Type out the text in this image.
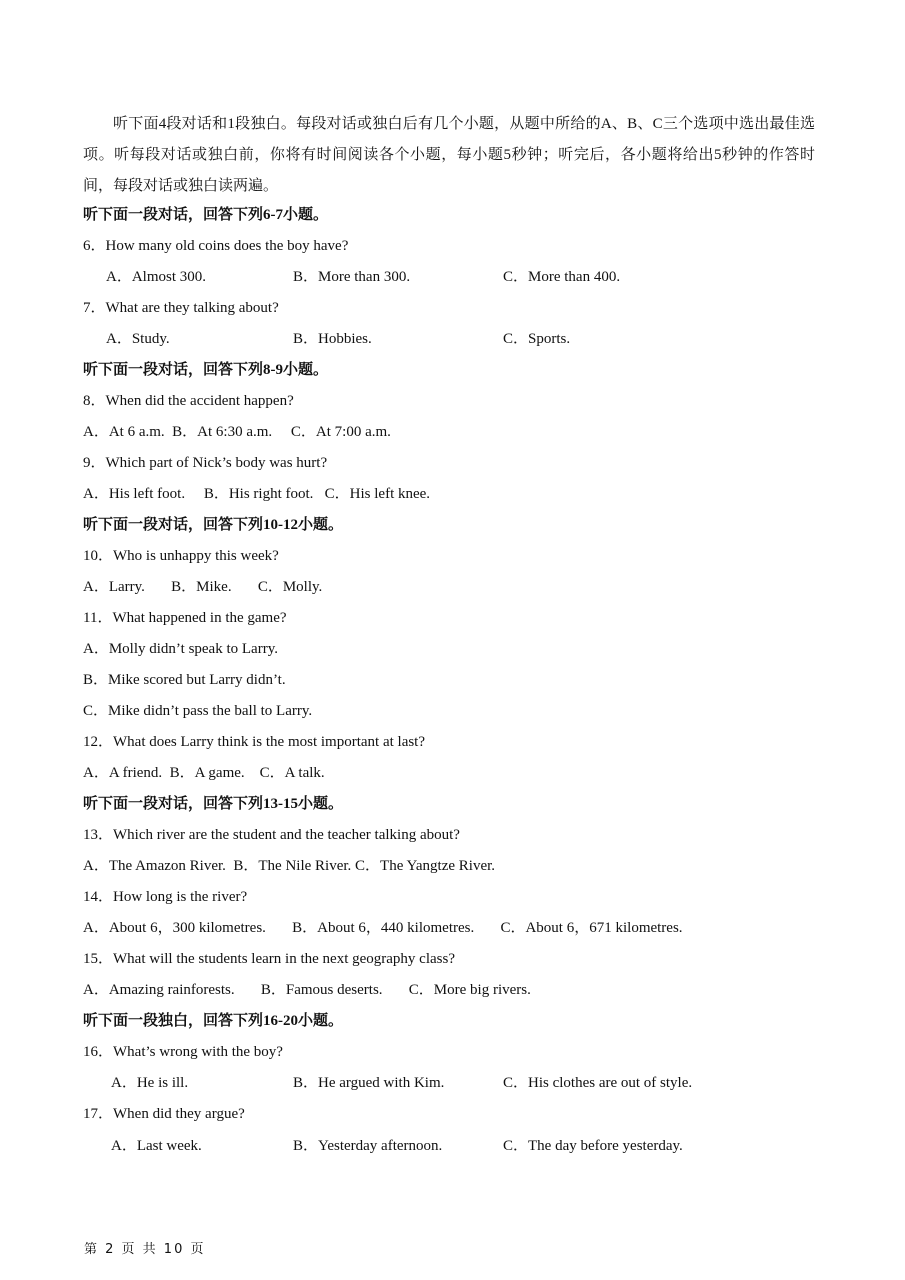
听下面4段对话和1段独白。每段对话或独白后有几个小题，从题中所给的A、B、C三个选项中选出最佳选项。听每段对话或独白前，你将有时间阅读各个小题，每小题5秒钟；听完后，各小题将给出5秒钟的作答时间，每段对话或独白读两遍。
听下面一段对话，回答下列6-7小题。
6．How many old coins does the boy have?
A．Almost 300.	B．More than 300.	C．More than 400.
7．What are they talking about?
A．Study.	B．Hobbies.	C．Sports.
听下面一段对话，回答下列8-9小题。
8．When did the accident happen?
A．At 6 a.m.  B．At 6:30 a.m.     C．At 7:00 a.m.
9．Which part of Nick’s body was hurt?
A．His left foot.     B．His right foot.   C．His left knee.
听下面一段对话，回答下列10-12小题。
10．Who is unhappy this week?
A．Larry.       B．Mike.       C．Molly.
11．What happened in the game?
A．Molly didn’t speak to Larry.
B．Mike scored but Larry didn’t.
C．Mike didn’t pass the ball to Larry.
12．What does Larry think is the most important at last?
A．A friend.  B．A game.    C．A talk.
听下面一段对话，回答下列13-15小题。
13．Which river are the student and the teacher talking about?
A．The Amazon River.  B．The Nile River. C．The Yangtze River.
14．How long is the river?
A．About 6，300 kilometres.       B．About 6，440 kilometres.       C．About 6，671 kilometres.
15．What will the students learn in the next geography class?
A．Amazing rainforests.       B．Famous deserts.       C．More big rivers.
听下面一段独白，回答下列16-20小题。
16．What’s wrong with the boy?
A．He is ill.	B．He argued with Kim.	C．His clothes are out of style.
17．When did they argue?
A．Last week.	B．Yesterday afternoon.	C．The day before yesterday.
第 2 页 共 10 页
